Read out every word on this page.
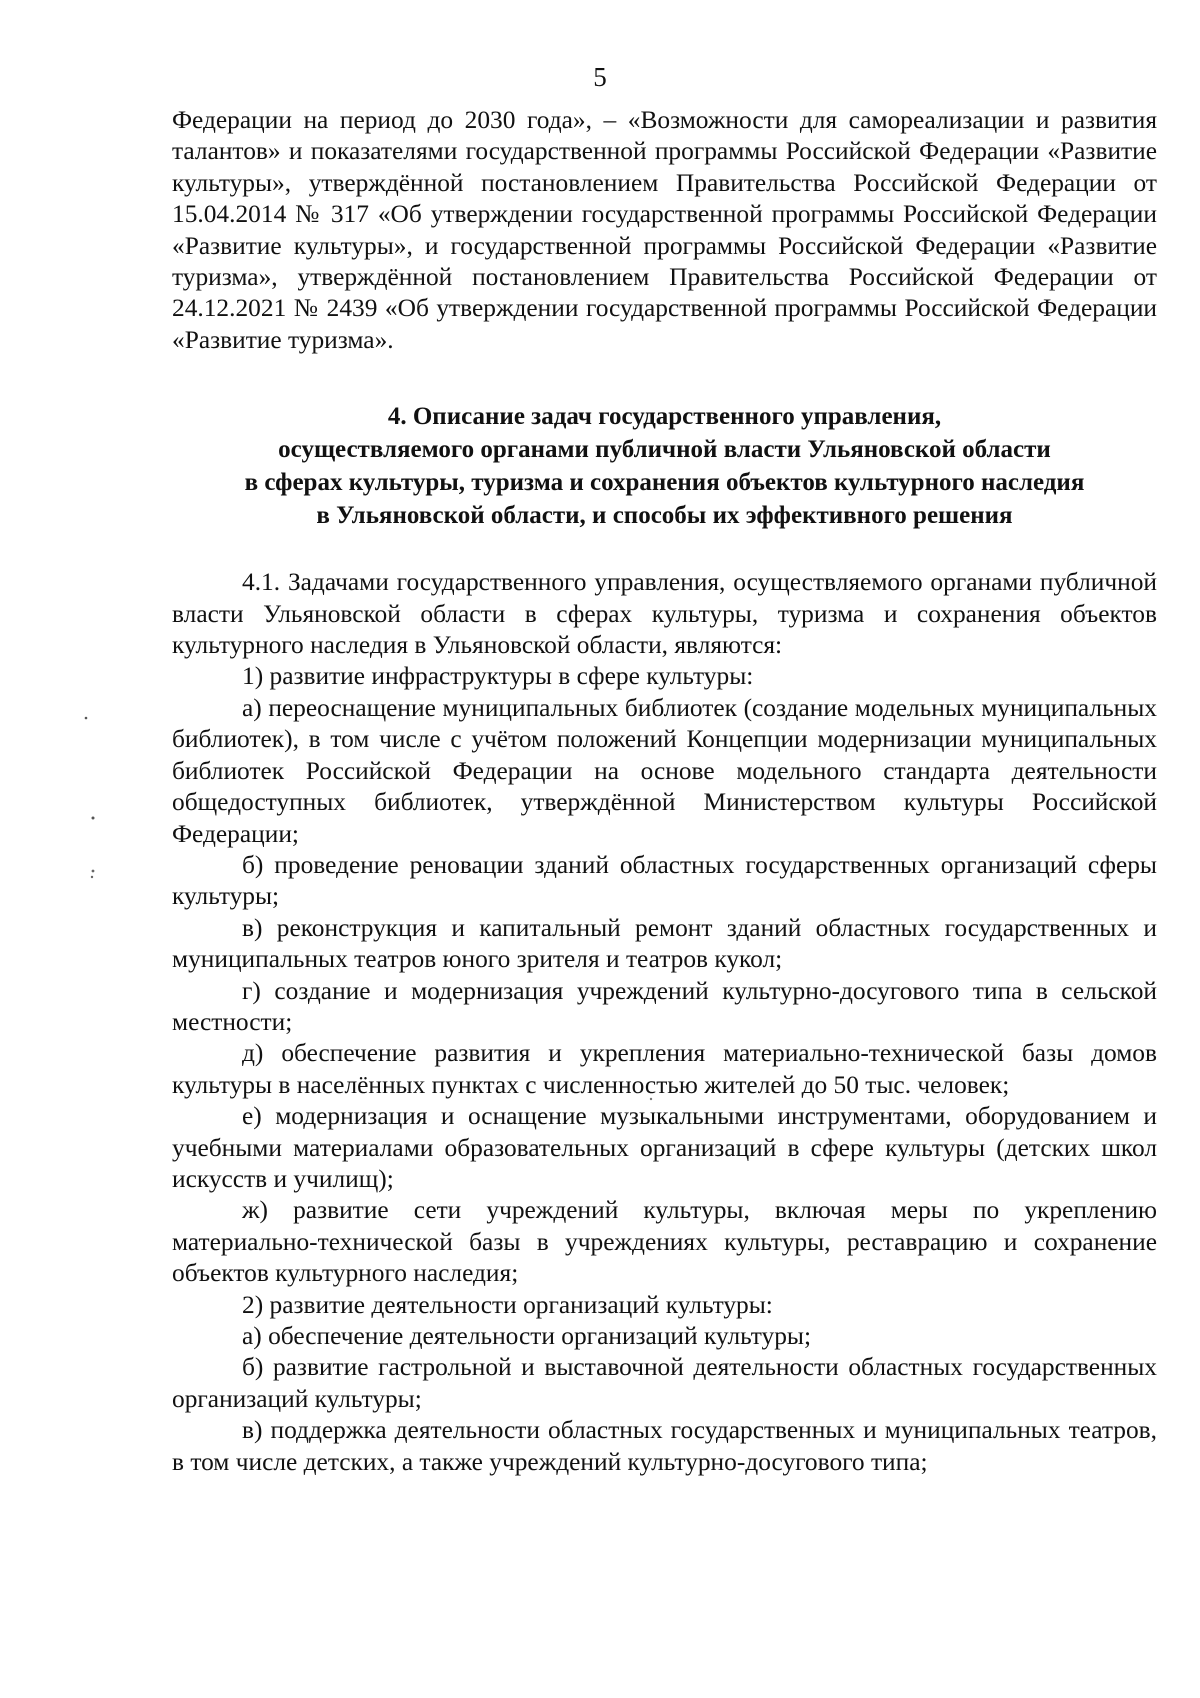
5

Федерации на период до 2030 года», – «Возможности для самореализации и развития талантов» и показателями государственной программы Российской Федерации «Развитие культуры», утверждённой постановлением Правительства Российской Федерации от 15.04.2014 № 317 «Об утверждении государственной программы Российской Федерации «Развитие культуры», и государственной программы Российской Федерации «Развитие туризма», утверждённой постановлением Правительства Российской Федерации от 24.12.2021 № 2439 «Об утверждении государственной программы Российской Федерации «Развитие туризма».

4. Описание задач государственного управления,
осуществляемого органами публичной власти Ульяновской области
в сферах культуры, туризма и сохранения объектов культурного наследия
в Ульяновской области, и способы их эффективного решения

4.1. Задачами государственного управления, осуществляемого органами публичной власти Ульяновской области в сферах культуры, туризма и сохранения объектов культурного наследия в Ульяновской области, являются:

1) развитие инфраструктуры в сфере культуры:

а) переоснащение муниципальных библиотек (создание модельных муниципальных библиотек), в том числе с учётом положений Концепции модернизации муниципальных библиотек Российской Федерации на основе модельного стандарта деятельности общедоступных библиотек, утверждённой Министерством культуры Российской Федерации;

б) проведение реновации зданий областных государственных организаций сферы культуры;

в) реконструкция и капитальный ремонт зданий областных государственных и муниципальных театров юного зрителя и театров кукол;

г) создание и модернизация учреждений культурно-досугового типа в сельской местности;

д) обеспечение развития и укрепления материально-технической базы домов культуры в населённых пунктах с численностью жителей до 50 тыс. человек;

е) модернизация и оснащение музыкальными инструментами, оборудованием и учебными материалами образовательных организаций в сфере культуры (детских школ искусств и училищ);

ж) развитие сети учреждений культуры, включая меры по укреплению материально-технической базы в учреждениях культуры, реставрацию и сохранение объектов культурного наследия;

2) развитие деятельности организаций культуры:

а) обеспечение деятельности организаций культуры;

б) развитие гастрольной и выставочной деятельности областных государственных организаций культуры;

в) поддержка деятельности областных государственных и муниципальных театров, в том числе детских, а также учреждений культурно-досугового типа;
